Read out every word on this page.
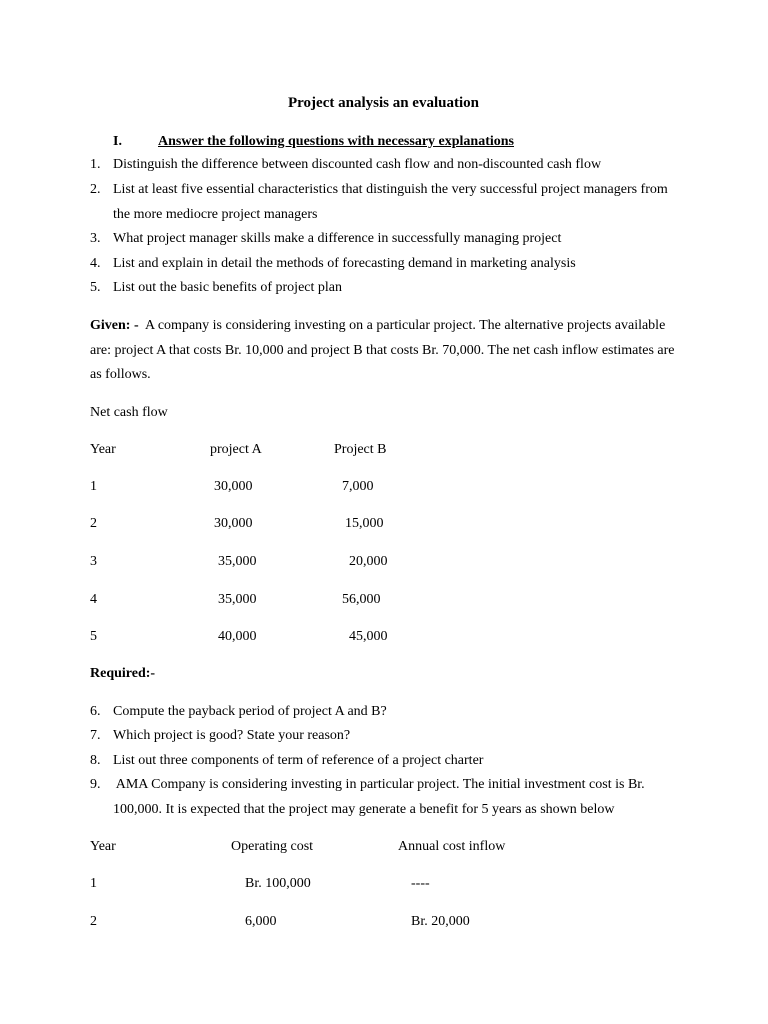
Project analysis an evaluation
I.	Answer the following questions with necessary explanations
1. Distinguish the difference between discounted cash flow and non-discounted cash flow
2. List at least five essential characteristics that distinguish the very successful project managers from
the more mediocre project managers
3. What project manager skills make a difference in successfully managing project
4. List and explain in detail the methods of forecasting demand in marketing analysis
5. List out the basic benefits of project plan
Given: - A company is considering investing on a particular project. The alternative projects available
are: project A that costs Br. 10,000 and project B that costs Br. 70,000. The net cash inflow estimates are
as follows.
Net cash flow
Year	project A	Project B
1	30,000	7,000
2	30,000	15,000
3	35,000	20,000
4	35,000	56,000
5	40,000	45,000
Required:-
6. Compute the payback period of project A and B?
7. Which project is good? State your reason?
8. List out three components of term of reference of a project charter
9. AMA Company is considering investing in particular project. The initial investment cost is Br.
100,000. It is expected that the project may generate a benefit for 5 years as shown below
Year	Operating cost	Annual cost inflow
1	Br. 100,000	----
2	6,000	Br. 20,000
